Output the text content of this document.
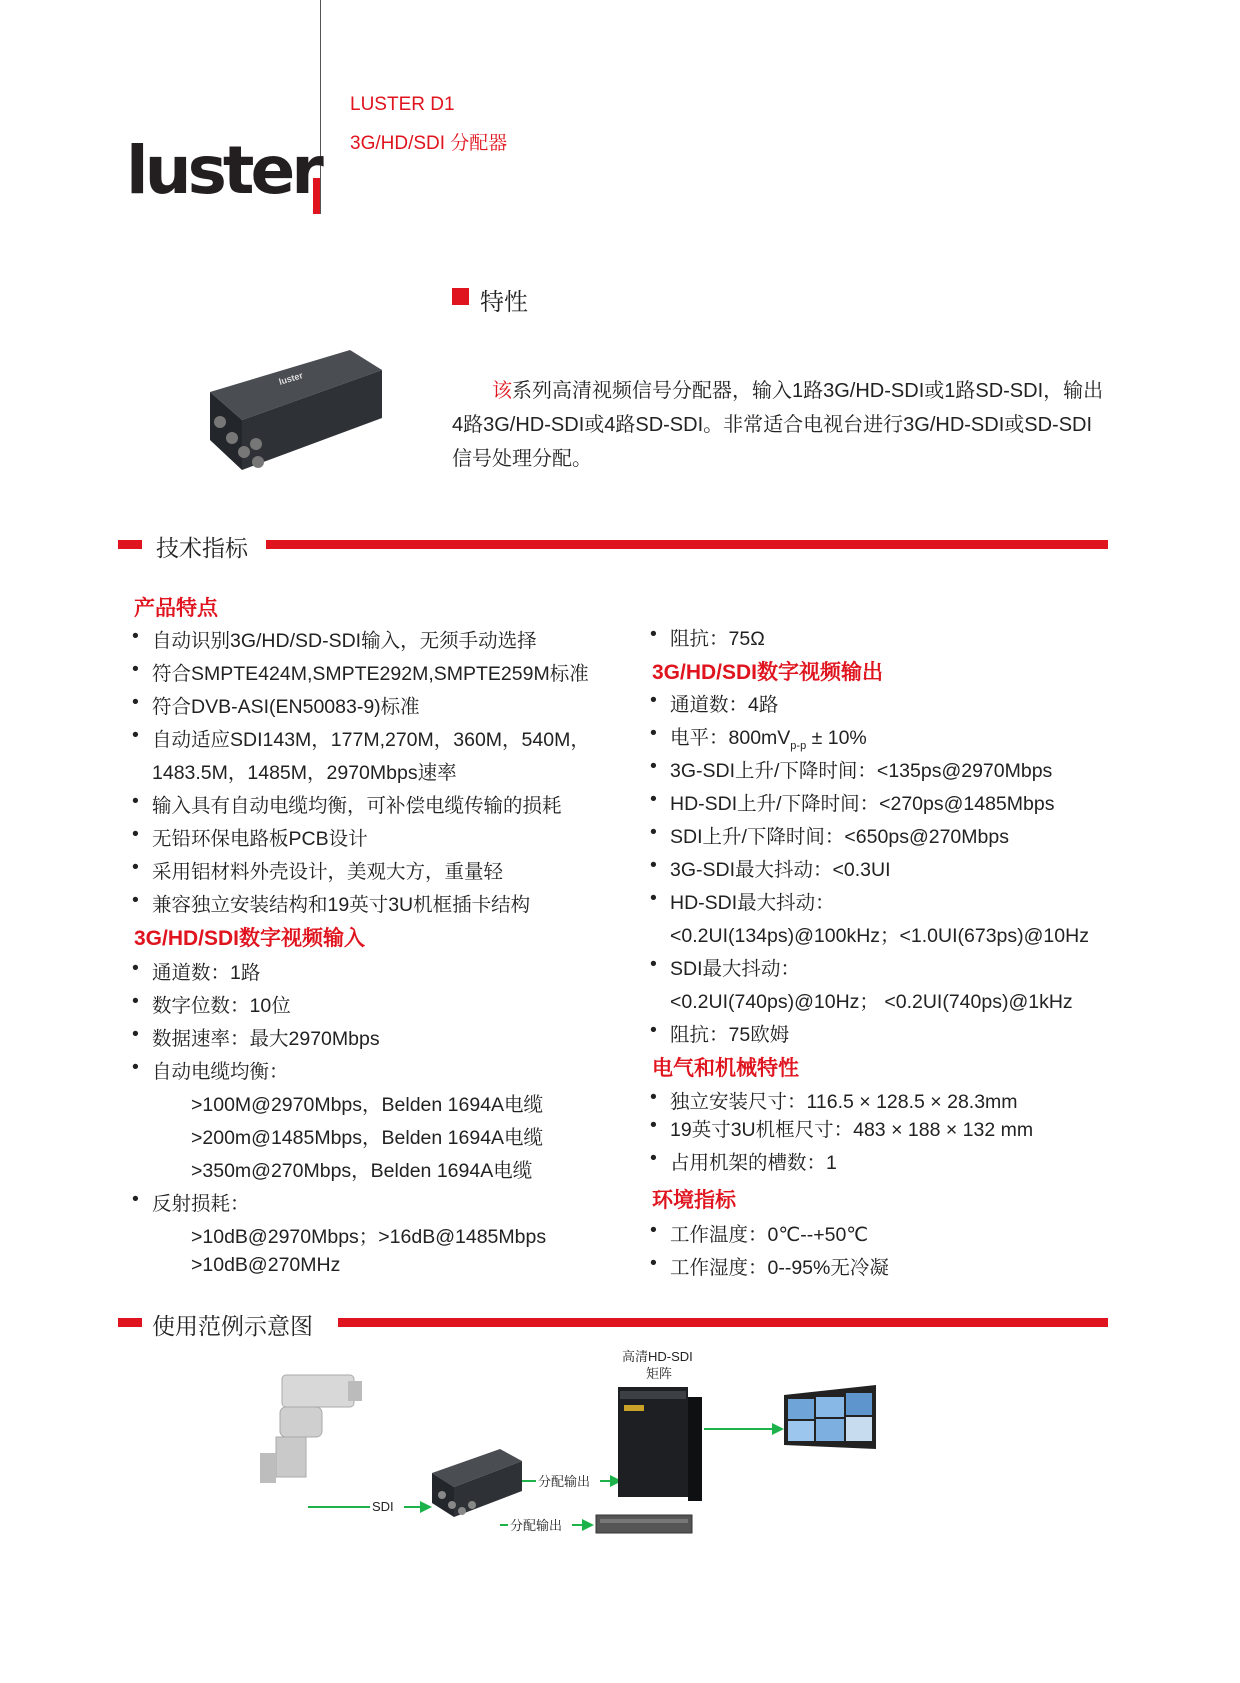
luster
LUSTER D1
3G/HD/SDI 分配器
特性
luster
该系列高清视频信号分配器，输入1路3G/HD-SDI或1路SD-SDI，输出4路3G/HD-SDI或4路SD-SDI。非常适合电视台进行3G/HD-SDI或SD-SDI信号处理分配。
技术指标
产品特点
• 自动识别3G/HD/SD-SDI输入，无须手动选择
• 符合SMPTE424M,SMPTE292M,SMPTE259M标准
• 符合DVB-ASI(EN50083-9)标准
• 自动适应SDI143M，177M,270M，360M，540M，
1483.5M，1485M，2970Mbps速率
• 输入具有自动电缆均衡，可补偿电缆传输的损耗
• 无铅环保电路板PCB设计
• 采用铝材料外壳设计，美观大方，重量轻
• 兼容独立安装结构和19英寸3U机框插卡结构
3G/HD/SDI数字视频输入
• 通道数：1路
• 数字位数：10位
• 数据速率：最大2970Mbps
• 自动电缆均衡：
>100M@2970Mbps，Belden 1694A电缆
>200m@1485Mbps，Belden 1694A电缆
>350m@270Mbps，Belden 1694A电缆
• 反射损耗：
>10dB@2970Mbps；>16dB@1485Mbps
>10dB@270MHz
• 阻抗：75Ω
3G/HD/SDI数字视频输出
• 通道数：4路
• 电平：$800mV_{p-p} \pm 10\%$
• 3G-SDI上升/下降时间：<135ps@2970Mbps
• HD-SDI上升/下降时间：<270ps@1485Mbps
• SDI上升/下降时间：<650ps@270Mbps
• 3G-SDI最大抖动：<0.3UI
• HD-SDI最大抖动：
<0.2UI(134ps)@100kHz；<1.0UI(673ps)@10Hz
• SDI最大抖动：
<0.2UI(740ps)@10Hz； <0.2UI(740ps)@1kHz
• 阻抗：75欧姆
电气和机械特性
• 独立安装尺寸：116.5 × 128.5 × 28.3mm
• 19英寸3U机框尺寸：483 × 188 × 132 mm
• 占用机架的槽数：1
环境指标
• 工作温度：0℃--+50℃
• 工作湿度：0--95%无冷凝
使用范例示意图
SDI
分配输出
分配输出
高清HD-SDI
矩阵
